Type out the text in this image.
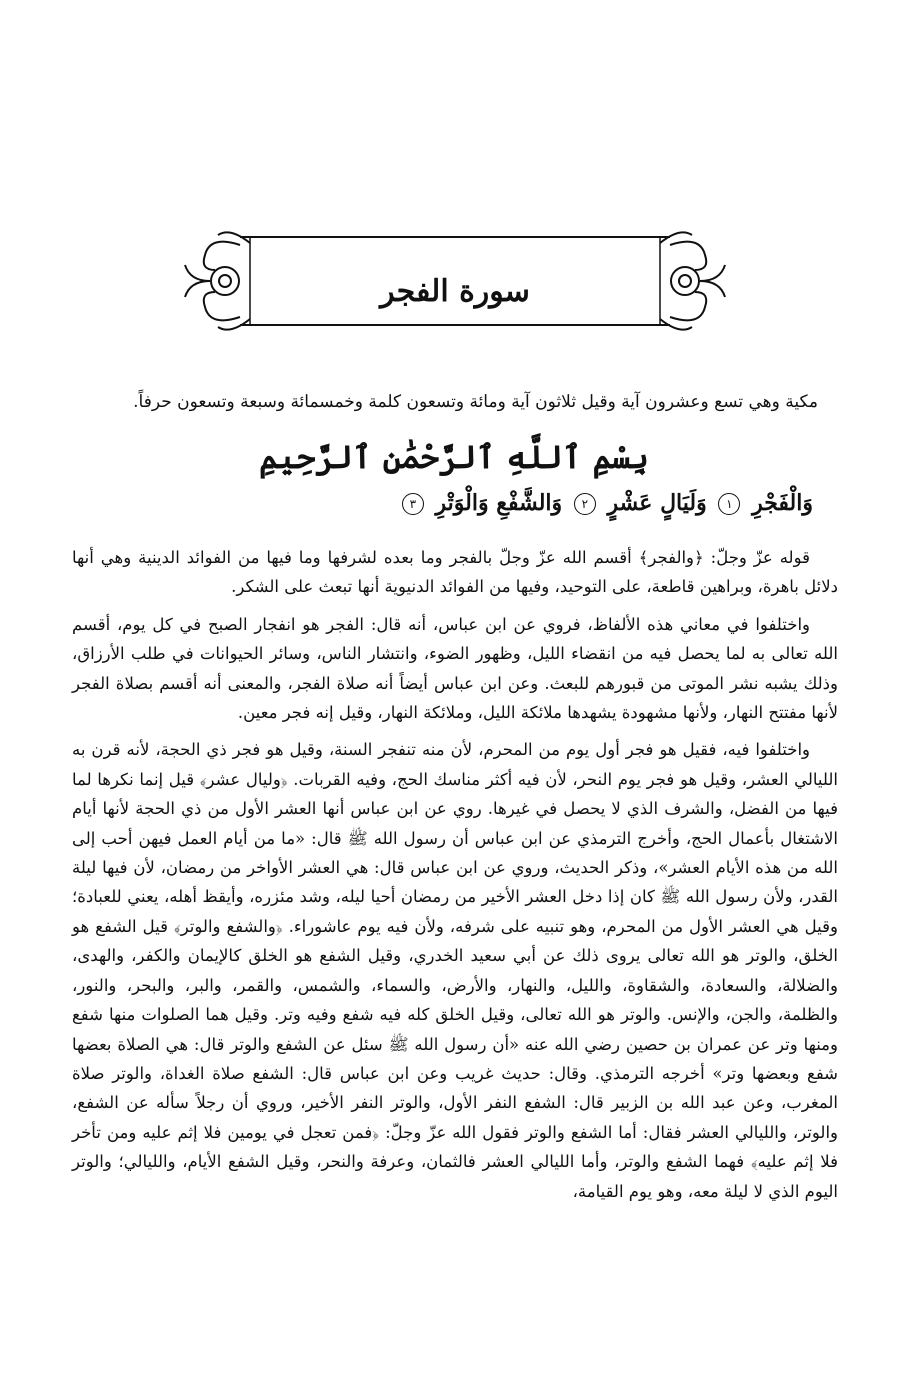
سورة الفجر
مكية وهي تسع وعشرون آية وقيل ثلاثون آية ومائة وتسعون كلمة وخمسمائة وسبعة وتسعون حرفاً.
بِسْمِ ٱللَّهِ ٱلرَّحْمَٰنِ ٱلرَّحِيمِ
وَالْفَجْرِ ١ وَلَيَالٍ عَشْرٍ ٢ وَالشَّفْعِ وَالْوَتْرِ ٣

قوله عزّ وجلّ: ﴿والفجر﴾ أقسم الله عزّ وجلّ بالفجر وما بعده لشرفها وما فيها من الفوائد الدينية وهي أنها دلائل باهرة، وبراهين قاطعة، على التوحيد، وفيها من الفوائد الدنيوية أنها تبعث على الشكر.

واختلفوا في معاني هذه الألفاظ، فروي عن ابن عباس، أنه قال: الفجر هو انفجار الصبح في كل يوم، أقسم الله تعالى به لما يحصل فيه من انقضاء الليل، وظهور الضوء، وانتشار الناس، وسائر الحيوانات في طلب الأرزاق، وذلك يشبه نشر الموتى من قبورهم للبعث. وعن ابن عباس أيضاً أنه صلاة الفجر، والمعنى أنه أقسم بصلاة الفجر لأنها مفتتح النهار، ولأنها مشهودة يشهدها ملائكة الليل، وملائكة النهار، وقيل إنه فجر معين.

واختلفوا فيه، فقيل هو فجر أول يوم من المحرم، لأن منه تنفجر السنة، وقيل هو فجر ذي الحجة، لأنه قرن به الليالي العشر، وقيل هو فجر يوم النحر، لأن فيه أكثر مناسك الحج، وفيه القربات. ﴿وليال عشر﴾ قيل إنما نكرها لما فيها من الفضل، والشرف الذي لا يحصل في غيرها. روي عن ابن عباس أنها العشر الأول من ذي الحجة لأنها أيام الاشتغال بأعمال الحج، وأخرج الترمذي عن ابن عباس أن رسول الله ﷺ قال: «ما من أيام العمل فيهن أحب إلى الله من هذه الأيام العشر»، وذكر الحديث، وروي عن ابن عباس قال: هي العشر الأواخر من رمضان، لأن فيها ليلة القدر، ولأن رسول الله ﷺ كان إذا دخل العشر الأخير من رمضان أحيا ليله، وشد مئزره، وأيقظ أهله، يعني للعبادة؛ وقيل هي العشر الأول من المحرم، وهو تنبيه على شرفه، ولأن فيه يوم عاشوراء. ﴿والشفع والوتر﴾ قيل الشفع هو الخلق، والوتر هو الله تعالى يروى ذلك عن أبي سعيد الخدري، وقيل الشفع هو الخلق كالإيمان والكفر، والهدى، والضلالة، والسعادة، والشقاوة، والليل، والنهار، والأرض، والسماء، والشمس، والقمر، والبر، والبحر، والنور، والظلمة، والجن، والإنس. والوتر هو الله تعالى، وقيل الخلق كله فيه شفع وفيه وتر. وقيل هما الصلوات منها شفع ومنها وتر عن عمران بن حصين رضي الله عنه «أن رسول الله ﷺ سئل عن الشفع والوتر قال: هي الصلاة بعضها شفع وبعضها وتر» أخرجه الترمذي. وقال: حديث غريب وعن ابن عباس قال: الشفع صلاة الغداة، والوتر صلاة المغرب، وعن عبد الله بن الزبير قال: الشفع النفر الأول، والوتر النفر الأخير، وروي أن رجلاً سأله عن الشفع، والوتر، والليالي العشر فقال: أما الشفع والوتر فقول الله عزّ وجلّ: ﴿فمن تعجل في يومين فلا إثم عليه ومن تأخر فلا إثم عليه﴾ فهما الشفع والوتر، وأما الليالي العشر فالثمان، وعرفة والنحر، وقيل الشفع الأيام، والليالي؛ والوتر اليوم الذي لا ليلة معه، وهو يوم القيامة،
